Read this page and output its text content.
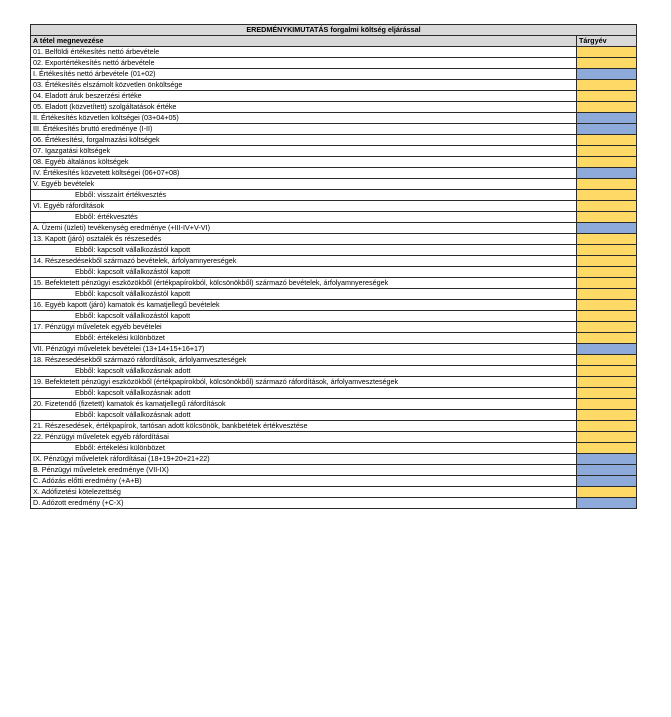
EREDMÉNYKIMUTATÁS forgalmi költség eljárással	
A tétel megnevezése	Tárgyév
01. Belföldi értékesítés nettó árbevétele	
02. Exportértékesítés nettó árbevétele	
I. Értékesítés nettó árbevétele (01+02)	
03. Értékesítés elszámolt közvetlen önköltsége	
04. Eladott áruk beszerzési értéke	
05. Eladott (közvetített) szolgáltatások értéke	
II. Értékesítés közvetlen költségei (03+04+05)	
III. Értékesítés bruttó eredménye (I-II)	
06. Értékesítési, forgalmazási költségek	
07. Igazgatási költségek	
08. Egyéb általános költségek	
IV. Értékesítés közvetett költségei (06+07+08)	
V. Egyéb bevételek	
Ebből: visszaírt értékvesztés	
VI. Egyéb ráfordítások	
Ebből: értékvesztés	
A. Üzemi (üzleti) tevékenység eredménye (+III-IV+V-VI)	
13. Kapott (járó) osztalék és részesedés	
Ebből: kapcsolt vállalkozástól kapott	
14. Részesedésekből származó bevételek, árfolyamnyereségek	
Ebből: kapcsolt vállalkozástól kapott	
15. Befektetett pénzügyi eszközökből (értékpapírokból, kölcsönökből) származó bevételek, árfolyamnyereségek	
Ebből: kapcsolt vállalkozástól kapott	
16. Egyéb kapott (járó) kamatok és kamatjellegű bevételek	
Ebből: kapcsolt vállalkozástól kapott	
17. Pénzügyi műveletek egyéb bevételei	
Ebből: értékelési különbözet	
VII. Pénzügyi műveletek bevételei (13+14+15+16+17)	
18. Részesedésekből származó ráfordítások, árfolyamveszteségek	
Ebből: kapcsolt vállalkozásnak adott	
19. Befektetett pénzügyi eszközökből (értékpapírokból, kölcsönökből) származó ráfordítások, árfolyamveszteségek	
Ebből: kapcsolt vállalkozásnak adott	
20. Fizetendő (fizetett) kamatok és kamatjellegű ráfordítások	
Ebből: kapcsolt vállalkozásnak adott	
21. Részesedések, értékpapírok, tartósan adott kölcsönök, bankbetétek értékvesztése	
22. Pénzügyi műveletek egyéb ráfordításai	
Ebből: értékelési különbözet	
IX. Pénzügyi műveletek ráfordításai (18+19+20+21+22)	
B. Pénzügyi műveletek eredménye (VII-IX)	
C. Adózás előtti eredmény (+A+B)	
X. Adófizetési kötelezettség	
D. Adózott eredmény (+C-X)	
